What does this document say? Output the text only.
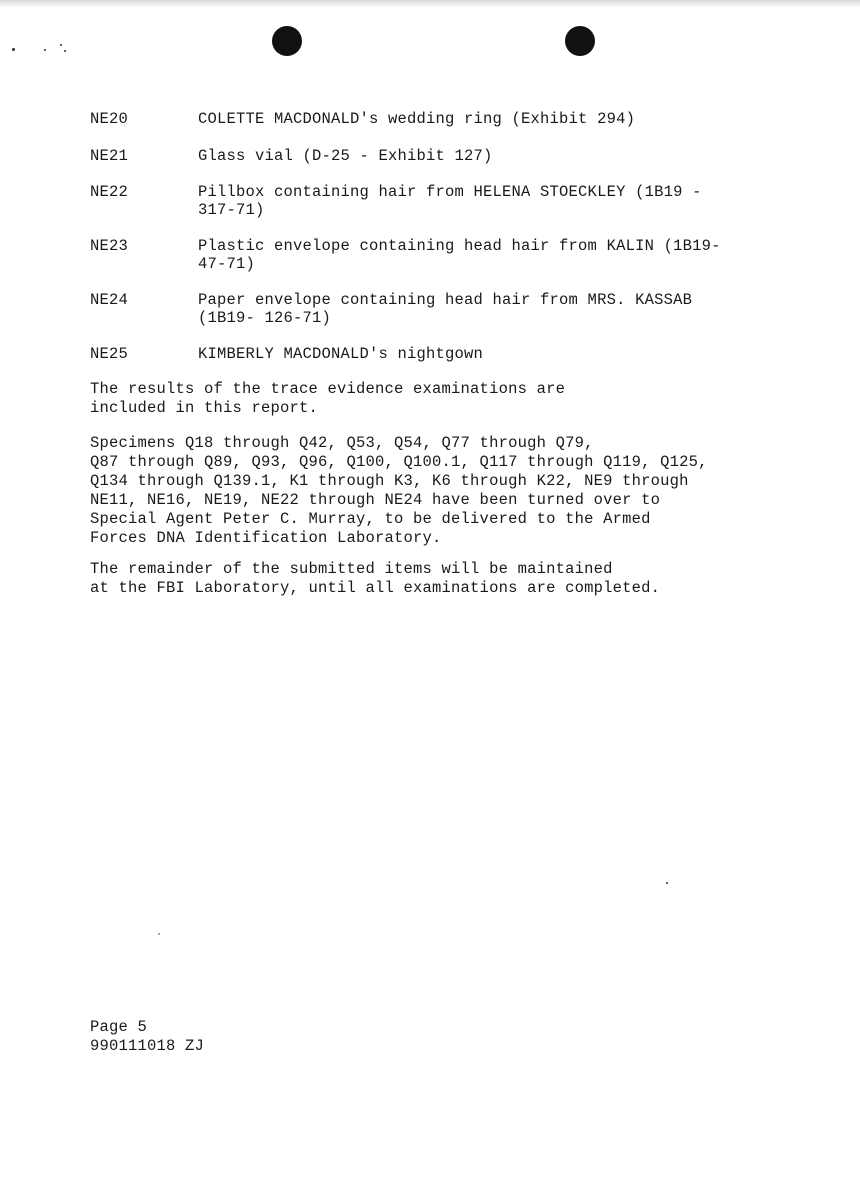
NE20	COLETTE MACDONALD's wedding ring (Exhibit 294)
NE21	Glass vial (D-25 - Exhibit 127)
NE22	Pillbox containing hair from HELENA STOECKLEY (1B19 -
317-71)
NE23	Plastic envelope containing head hair from KALIN (1B19-
47-71)
NE24	Paper envelope containing head hair from MRS. KASSAB
(1B19- 126-71)
NE25	KIMBERLY MACDONALD's nightgown
The results of the trace evidence examinations are
included in this report.
Specimens Q18 through Q42, Q53, Q54, Q77 through Q79,
Q87 through Q89, Q93, Q96, Q100, Q100.1, Q117 through Q119, Q125,
Q134 through Q139.1, K1 through K3, K6 through K22, NE9 through
NE11, NE16, NE19, NE22 through NE24 have been turned over to
Special Agent Peter C. Murray, to be delivered to the Armed
Forces DNA Identification Laboratory.
The remainder of the submitted items will be maintained
at the FBI Laboratory, until all examinations are completed.
Page 5
990111018 ZJ
